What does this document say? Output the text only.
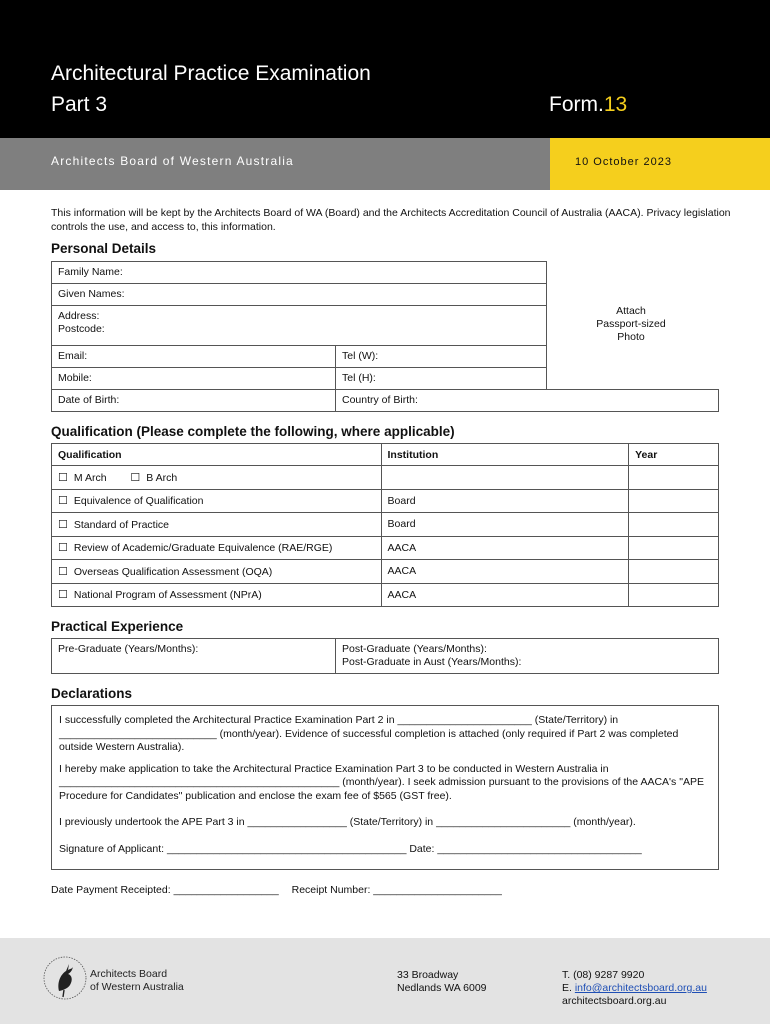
Architectural Practice Examination
Part 3	Form.13
Architects Board of Western Australia	10 October 2023
This information will be kept by the Architects Board of WA (Board) and the Architects Accreditation Council of Australia (AACA). Privacy legislation controls the use, and access to, this information.
Personal Details
Family Name:
Given Names:
Address:
Postcode:
Email:	Tel (W):
Mobile:	Tel (H):
Date of Birth:	Country of Birth:
Attach
Passport-sized
Photo
Qualification (Please complete the following, where applicable)
Qualification	Institution	Year
☐ M Arch ☐ B Arch		
☐ Equivalence of Qualification	Board	
☐ Standard of Practice	Board	
☐ Review of Academic/Graduate Equivalence (RAE/RGE)	AACA	
☐ Overseas Qualification Assessment (OQA)	AACA	
☐ National Program of Assessment (NPrA)	AACA	
Practical Experience
Pre-Graduate (Years/Months):	Post-Graduate (Years/Months):
Post-Graduate in Aust (Years/Months):
Declarations

I successfully completed the Architectural Practice Examination Part 2 in _______________________ (State/Territory) in ___________________________ (month/year). Evidence of successful completion is attached (only required if Part 2 was completed outside Western Australia).

I hereby make application to take the Architectural Practice Examination Part 3 to be conducted in Western Australia in ________________________________________________ (month/year). I seek admission pursuant to the provisions of the AACA's "APE Procedure for Candidates" publication and enclose the exam fee of $565 (GST free).

I previously undertook the APE Part 3 in _________________ (State/Territory) in _______________________ (month/year).

Signature of Applicant: _________________________________________ Date: ___________________________________

Date Payment Receipted: __________________ Receipt Number: ______________________
Architects Board
of Western Australia
33 Broadway
Nedlands WA 6009
T. (08) 9287 9920
E. info@architectsboard.org.au
architectsboard.org.au
